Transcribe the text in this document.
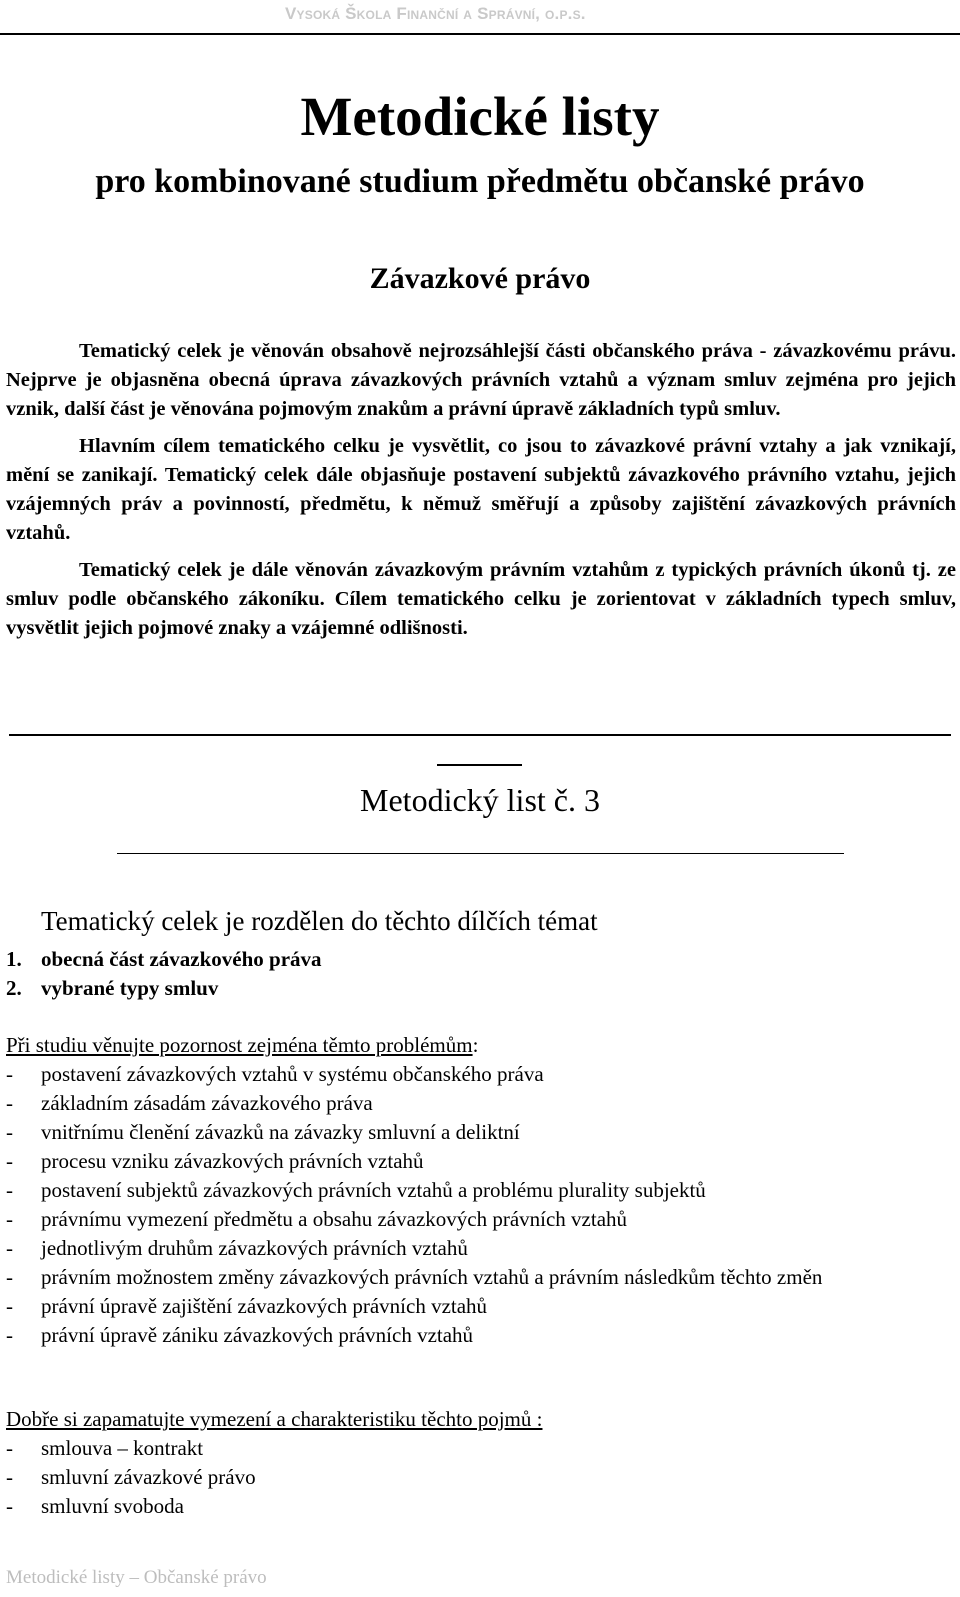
Vysoká Škola Finanční a Správní, o.p.s.
Metodické listy
pro kombinované studium předmětu občanské právo
Závazkové právo

Tematický celek je věnován obsahově nejrozsáhlejší části občanského práva - závazkovému právu. Nejprve je objasněna obecná úprava závazkových právních vztahů a význam smluv zejména pro jejich vznik, další část je věnována pojmovým znakům a právní úpravě základních typů smluv.

Hlavním cílem tematického celku je vysvětlit, co jsou to závazkové právní vztahy a jak vznikají, mění se zanikají. Tematický celek dále objasňuje postavení subjektů závazkového právního vztahu, jejich vzájemných práv a povinností, předmětu, k němuž směřují a způsoby zajištění závazkových právních vztahů.

Tematický celek je dále věnován závazkovým právním vztahům z typických právních úkonů tj. ze smluv podle občanského zákoníku. Cílem tematického celku je zorientovat v základních typech smluv, vysvětlit jejich pojmové znaky a vzájemné odlišnosti.

Metodický list č. 3
Tematický celek je rozdělen do těchto dílčích témat
1. obecná část závazkového práva
2. vybrané typy smluv
Při studiu věnujte pozornost zejména těmto problémům:
-	postavení závazkových vztahů v systému občanského práva
-	základním zásadám závazkového práva
-	vnitřnímu členění závazků na závazky smluvní a deliktní
-	procesu vzniku závazkových právních vztahů
-	postavení subjektů závazkových právních vztahů a problému plurality subjektů
-	právnímu vymezení předmětu a obsahu závazkových právních vztahů
-	jednotlivým druhům závazkových právních vztahů
-	právním možnostem změny závazkových právních vztahů a právním následkům těchto změn
-	právní úpravě zajištění závazkových právních vztahů
-	právní úpravě zániku závazkových právních vztahů
Dobře si zapamatujte vymezení a charakteristiku těchto pojmů :
-	smlouva – kontrakt
-	smluvní závazkové právo
-	smluvní svoboda
Metodické listy – Občanské právo
